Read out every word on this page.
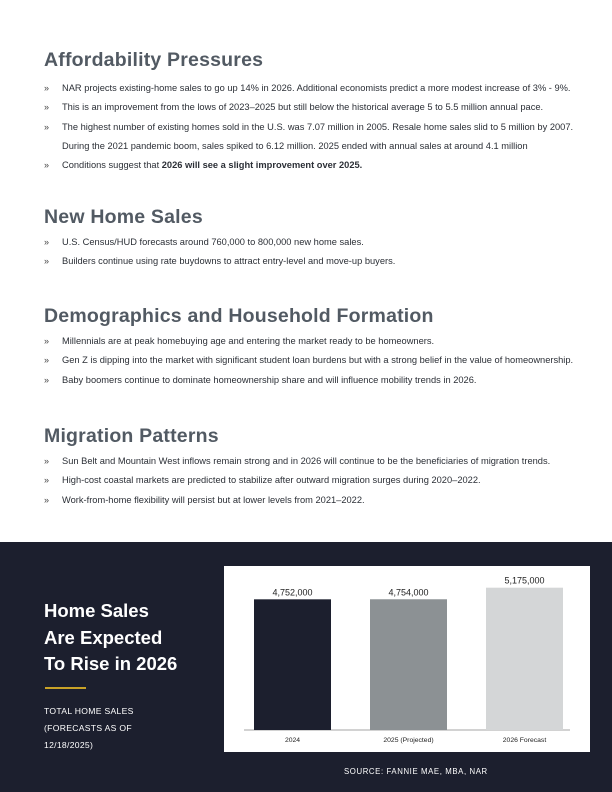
Affordability Pressures
» NAR projects existing-home sales to go up 14% in 2026. Additional economists predict a more modest increase of 3% - 9%.
» This is an improvement from the lows of 2023–2025 but still below the historical average 5 to 5.5 million annual pace.
» The highest number of existing homes sold in the U.S. was 7.07 million in 2005. Resale home sales slid to 5 million by 2007.
During the 2021 pandemic boom, sales spiked to 6.12 million. 2025 ended with annual sales at around 4.1 million
» Conditions suggest that 2026 will see a slight improvement over 2025.
New Home Sales
» U.S. Census/HUD forecasts around 760,000 to 800,000 new home sales.
» Builders continue using rate buydowns to attract entry-level and move-up buyers.
Demographics and Household Formation
» Millennials are at peak homebuying age and entering the market ready to be homeowners.
» Gen Z is dipping into the market with significant student loan burdens but with a strong belief in the value of homeownership.
» Baby boomers continue to dominate homeownership share and will influence mobility trends in 2026.
Migration Patterns
» Sun Belt and Mountain West inflows remain strong and in 2026 will continue to be the beneficiaries of migration trends.
» High-cost coastal markets are predicted to stabilize after outward migration surges during 2020–2022.
» Work-from-home flexibility will persist but at lower levels from 2021–2022.
Home Sales
Are Expected
To Rise in 2026
TOTAL HOME SALES
(FORECASTS AS OF
12/18/2025)
4,752,000
2024
4,754,000
2025 (Projected)
5,175,000
2026 Forecast
SOURCE: FANNIE MAE, MBA, NAR
